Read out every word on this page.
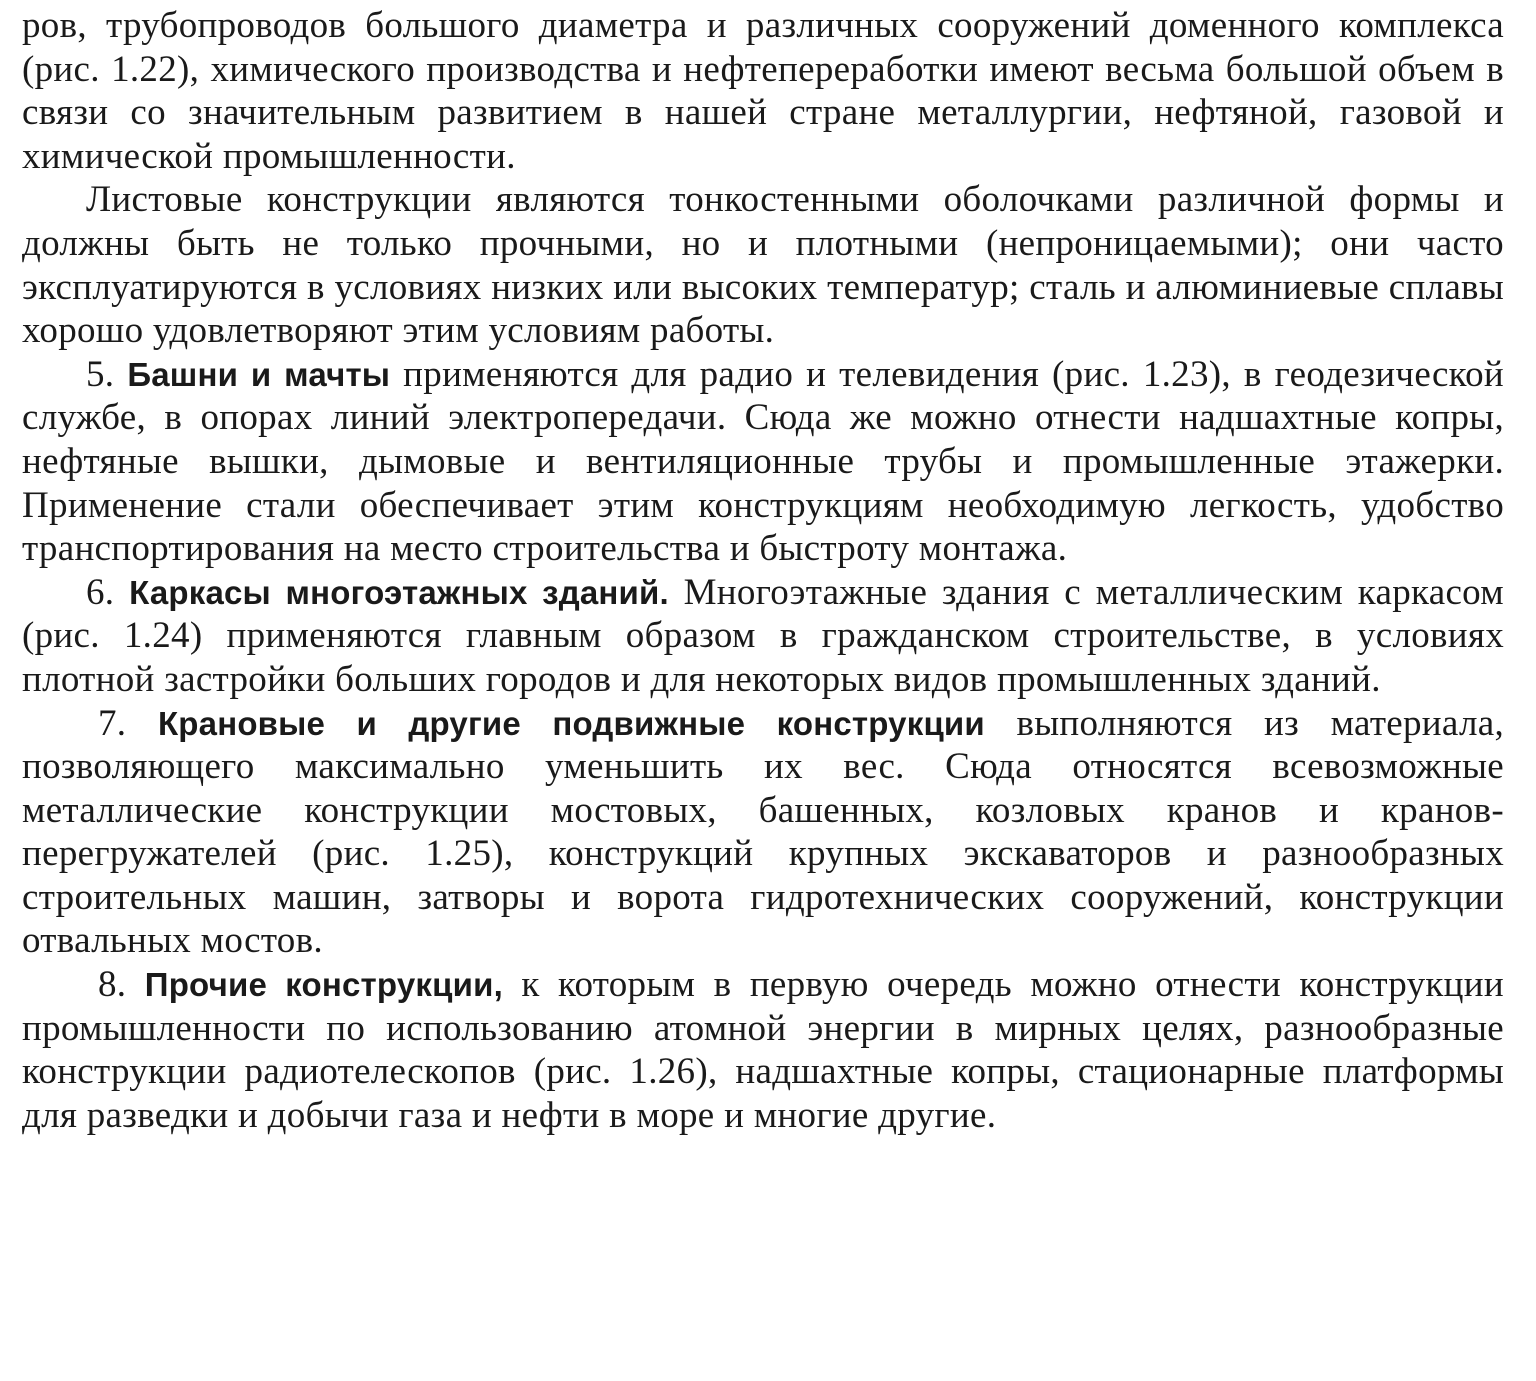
ров, трубопроводов большого диаметра и различных сооружений доменного комплекса (рис. 1.22), химического производства и нефтепереработки имеют весьма большой объем в связи со значительным развитием в нашей стране металлургии, нефтяной, газовой и химической промышленности.

Листовые конструкции являются тонкостенными оболочками различной формы и должны быть не только прочными, но и плотными (непроницаемыми); они часто эксплуатируются в условиях низких или высоких температур; сталь и алюминиевые сплавы хорошо удовлетворяют этим условиям работы.

5. Башни и мачты применяются для радио и телевидения (рис. 1.23), в геодезической службе, в опорах линий электропередачи. Сюда же можно отнести надшахтные копры, нефтяные вышки, дымовые и вентиляционные трубы и промышленные этажерки. Применение стали обеспечивает этим конструкциям необходимую легкость, удобство транспортирования на место строительства и быстроту монтажа.

6. Каркасы многоэтажных зданий. Многоэтажные здания с металлическим каркасом (рис. 1.24) применяются главным образом в гражданском строительстве, в условиях плотной застройки больших городов и для некоторых видов промышленных зданий.

7. Крановые и другие подвижные конструкции выполняются из материала, позволяющего максимально уменьшить их вес. Сюда относятся всевозможные металлические конструкции мостовых, башенных, козловых кранов и кранов-перегружателей (рис. 1.25), конструкций крупных экскаваторов и разнообразных строительных машин, затворы и ворота гидротехнических сооружений, конструкции отвальных мостов.

8. Прочие конструкции, к которым в первую очередь можно отнести конструкции промышленности по использованию атомной энергии в мирных целях, разнообразные конструкции радиотелескопов (рис. 1.26), надшахтные копры, стационарные платформы для разведки и добычи газа и нефти в море и многие другие.
